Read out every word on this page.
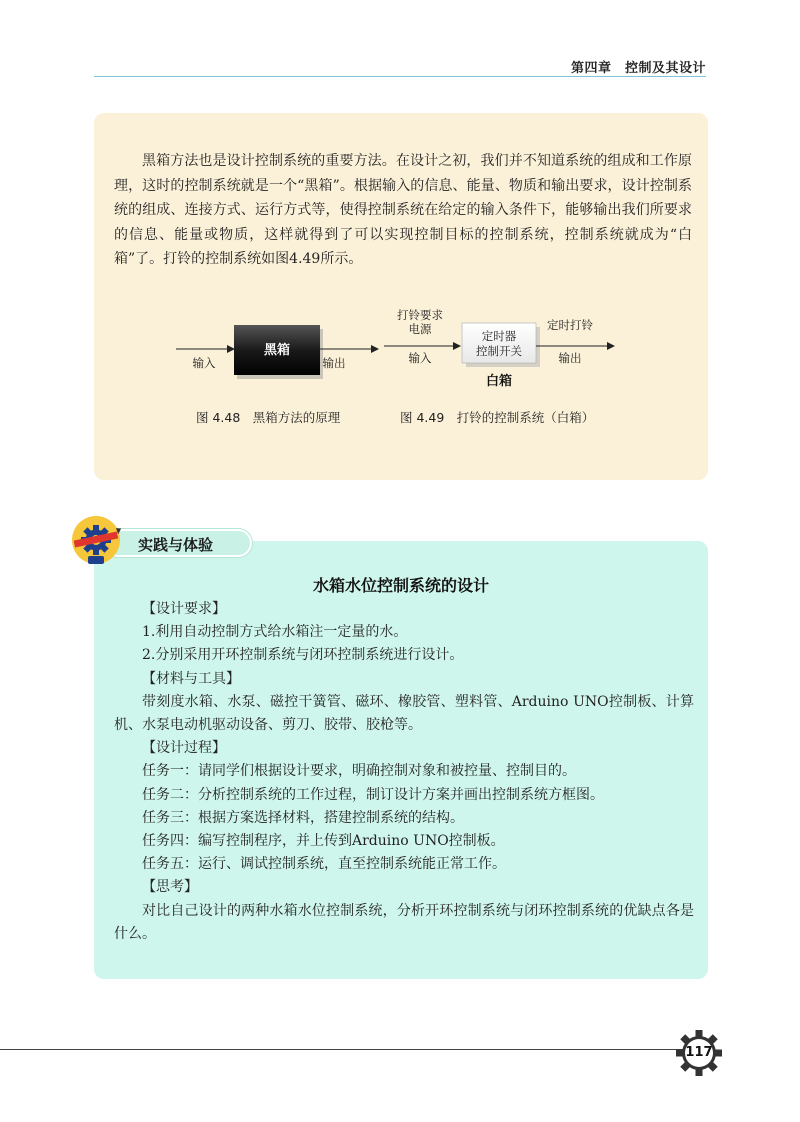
第四章　控制及其设计

黑箱方法也是设计控制系统的重要方法。在设计之初，我们并不知道系统的组成和工作原理，这时的控制系统就是一个“黑箱”。根据输入的信息、能量、物质和输出要求，设计控制系统的组成、连接方式、运行方式等，使得控制系统在给定的输入条件下，能够输出我们所要求的信息、能量或物质，这样就得到了可以实现控制目标的控制系统，控制系统就成为“白箱”了。打铃的控制系统如图4.49所示。

黑箱
输入	输出
打铃要求
电源
输入
定时器
控制开关
白箱
定时打铃
输出
图 4.48　黑箱方法的原理	图 4.49　打铃的控制系统（白箱）
水箱水位控制系统的设计

【设计要求】

1.利用自动控制方式给水箱注一定量的水。

2.分别采用开环控制系统与闭环控制系统进行设计。

【材料与工具】

带刻度水箱、水泵、磁控干簧管、磁环、橡胶管、塑料管、Arduino UNO控制板、计算机、水泵电动机驱动设备、剪刀、胶带、胶枪等。

【设计过程】

任务一：请同学们根据设计要求，明确控制对象和被控量、控制目的。

任务二：分析控制系统的工作过程，制订设计方案并画出控制系统方框图。

任务三：根据方案选择材料，搭建控制系统的结构。

任务四：编写控制程序，并上传到Arduino UNO控制板。

任务五：运行、调试控制系统，直至控制系统能正常工作。

【思考】

对比自己设计的两种水箱水位控制系统，分析开环控制系统与闭环控制系统的优缺点各是什么。

实践与体验
117
